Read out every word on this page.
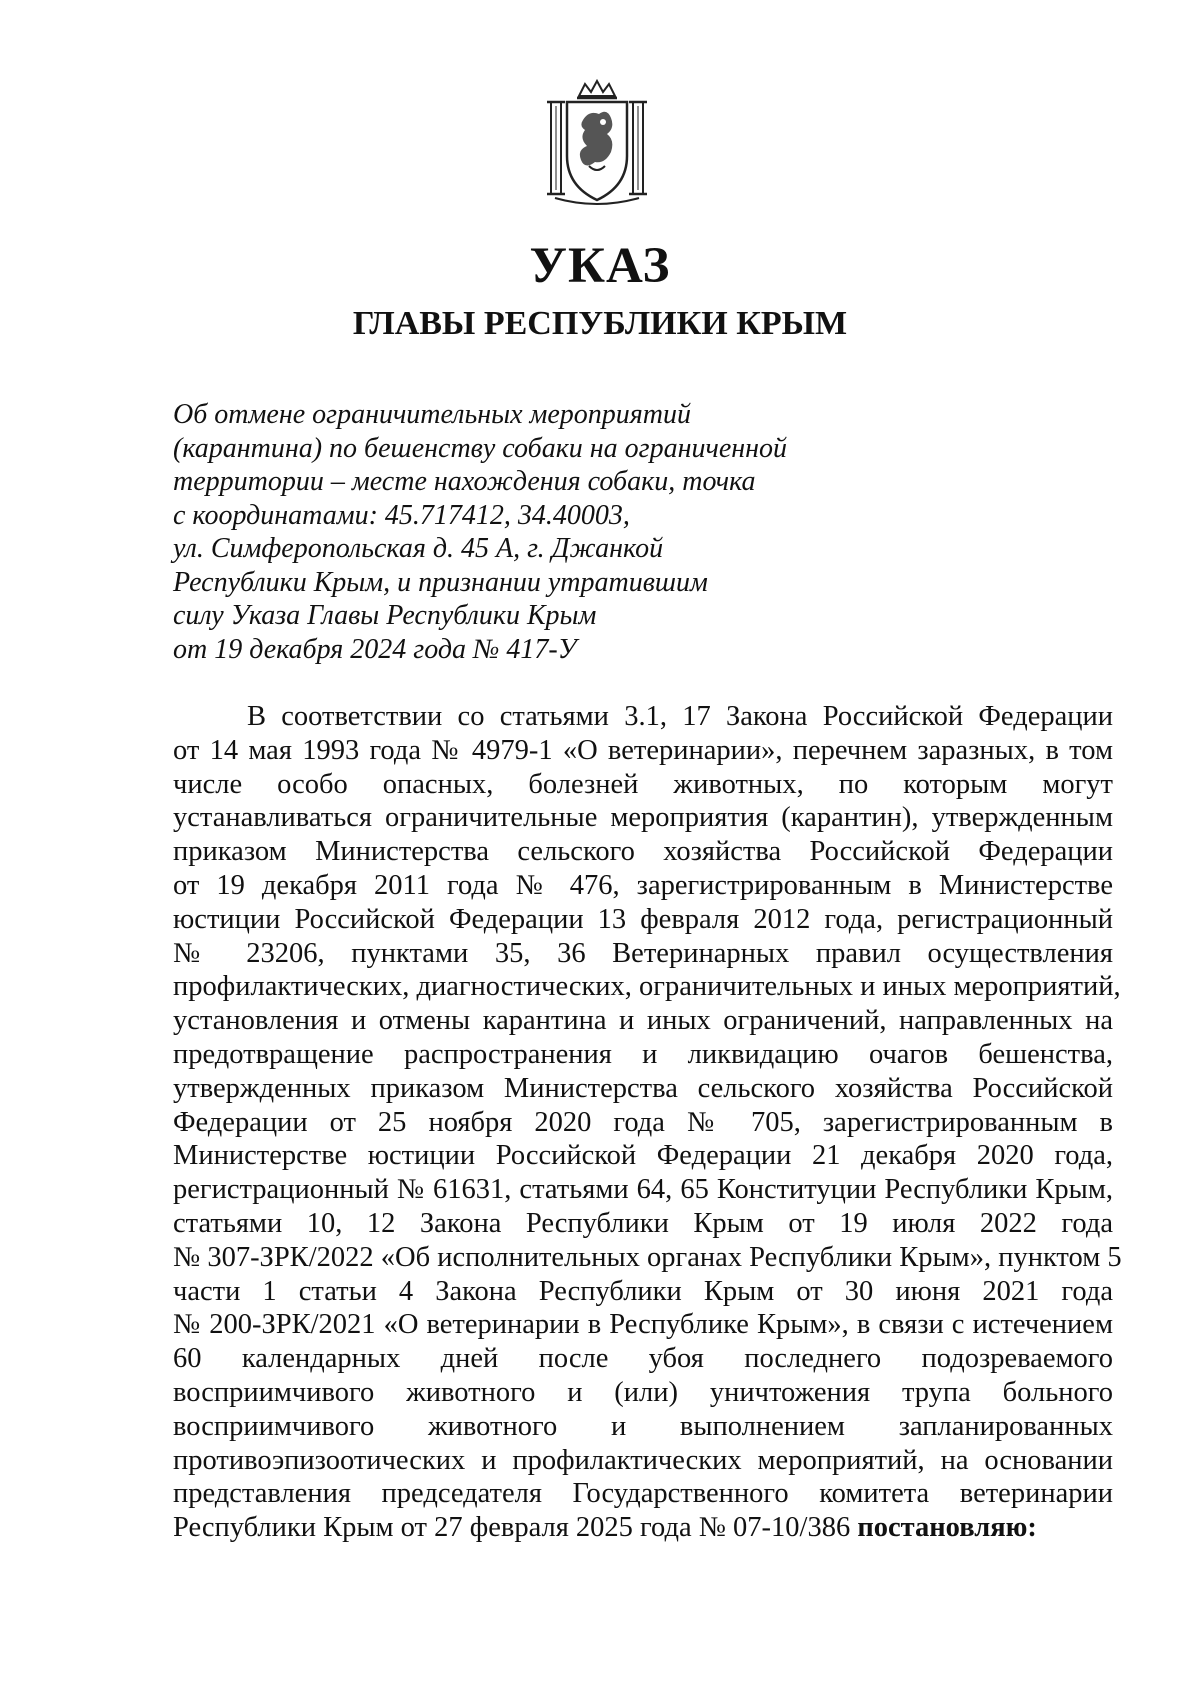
УКАЗ
ГЛАВЫ РЕСПУБЛИКИ КРЫМ
Об отмене ограничительных мероприятий
(карантина) по бешенству собаки на ограниченной
территории – месте нахождения собаки, точка
с координатами: 45.717412, 34.40003,
ул. Симферопольская д. 45 А, г. Джанкой
Республики Крым, и признании утратившим
силу Указа Главы Республики Крым
от 19 декабря 2024 года № 417-У
В соответствии со статьями 3.1, 17 Закона Российской Федерации
от 14 мая 1993 года № 4979-1 «О ветеринарии», перечнем заразных, в том
числе особо опасных, болезней животных, по которым могут
устанавливаться ограничительные мероприятия (карантин), утвержденным
приказом Министерства сельского хозяйства Российской Федерации
от 19 декабря 2011 года № 476, зарегистрированным в Министерстве
юстиции Российской Федерации 13 февраля 2012 года, регистрационный
№ 23206, пунктами 35, 36 Ветеринарных правил осуществления
профилактических, диагностических, ограничительных и иных мероприятий,
установления и отмены карантина и иных ограничений, направленных на
предотвращение распространения и ликвидацию очагов бешенства,
утвержденных приказом Министерства сельского хозяйства Российской
Федерации от 25 ноября 2020 года № 705, зарегистрированным в
Министерстве юстиции Российской Федерации 21 декабря 2020 года,
регистрационный № 61631, статьями 64, 65 Конституции Республики Крым,
статьями 10, 12 Закона Республики Крым от 19 июля 2022 года
№ 307-ЗРК/2022 «Об исполнительных органах Республики Крым», пунктом 5
части 1 статьи 4 Закона Республики Крым от 30 июня 2021 года
№ 200-ЗРК/2021 «О ветеринарии в Республике Крым», в связи с истечением
60 календарных дней после убоя последнего подозреваемого
восприимчивого животного и (или) уничтожения трупа больного
восприимчивого животного и выполнением запланированных
противоэпизоотических и профилактических мероприятий, на основании
представления председателя Государственного комитета ветеринарии
Республики Крым от 27 февраля 2025 года № 07-10/386 постановляю:
